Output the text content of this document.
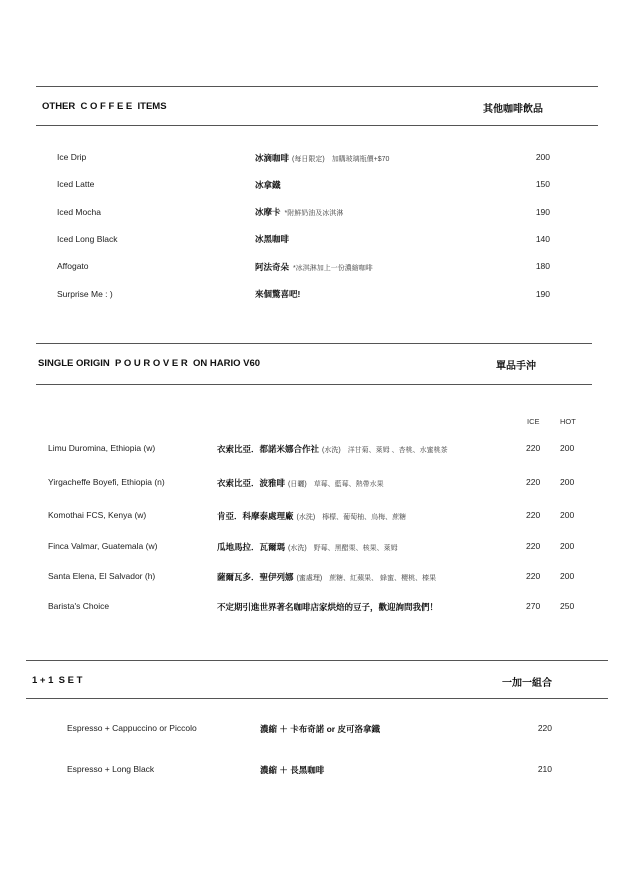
OTHER  C O F F E E  ITEMS	其他咖啡飲品
Ice Drip	冰滴咖啡 (每日限定) 加購玻璃瓶價+$70	200
Iced Latte	冰拿鐵	150
Iced Mocha	冰摩卡 *附鮮奶油及冰淇淋	190
Iced Long Black	冰黑咖啡	140
Affogato	阿法奇朵 *冰淇淋加上一份濃縮咖啡	180
Surprise Me : )	來個驚喜吧!	190
SINGLE ORIGIN  P O U R O V E R  ON HARIO V60	單品手沖
ICE	HOT
Limu Duromina, Ethiopia (w)	衣索比亞．都諾米娜合作社 (水洗) 洋甘菊、萊姆 、杏桃、水蜜桃茶	220 200
Yirgacheffe Boyefi, Ethiopia (n)	衣索比亞．波雅啡 (日曬) 草莓、藍莓、熱帶水果	220 200
Komothai FCS, Kenya (w)	肯亞．科摩泰處理廠 (水洗) 檸檬、葡萄柚、烏梅、蔗糖	220 200
Finca Valmar, Guatemala (w)	瓜地馬拉．瓦爾瑪 (水洗) 野莓、黑醋栗、核果、萊姆	220 200
Santa Elena, El Salvador (h)	薩爾瓦多．聖伊列娜 (蜜處理) 蔗糖、紅蘋果、 蜂蜜、櫻桃、榛果	220 200
Barista's Choice	不定期引進世界著名咖啡店家烘焙的豆子，歡迎詢問我們！	270 250
1 + 1  S E T	一加一組合
Espresso + Cappuccino or Piccolo	濃縮 ＋ 卡布奇諾 or 皮可洛拿鐵	220
Espresso + Long Black	濃縮 ＋ 長黑咖啡	210
